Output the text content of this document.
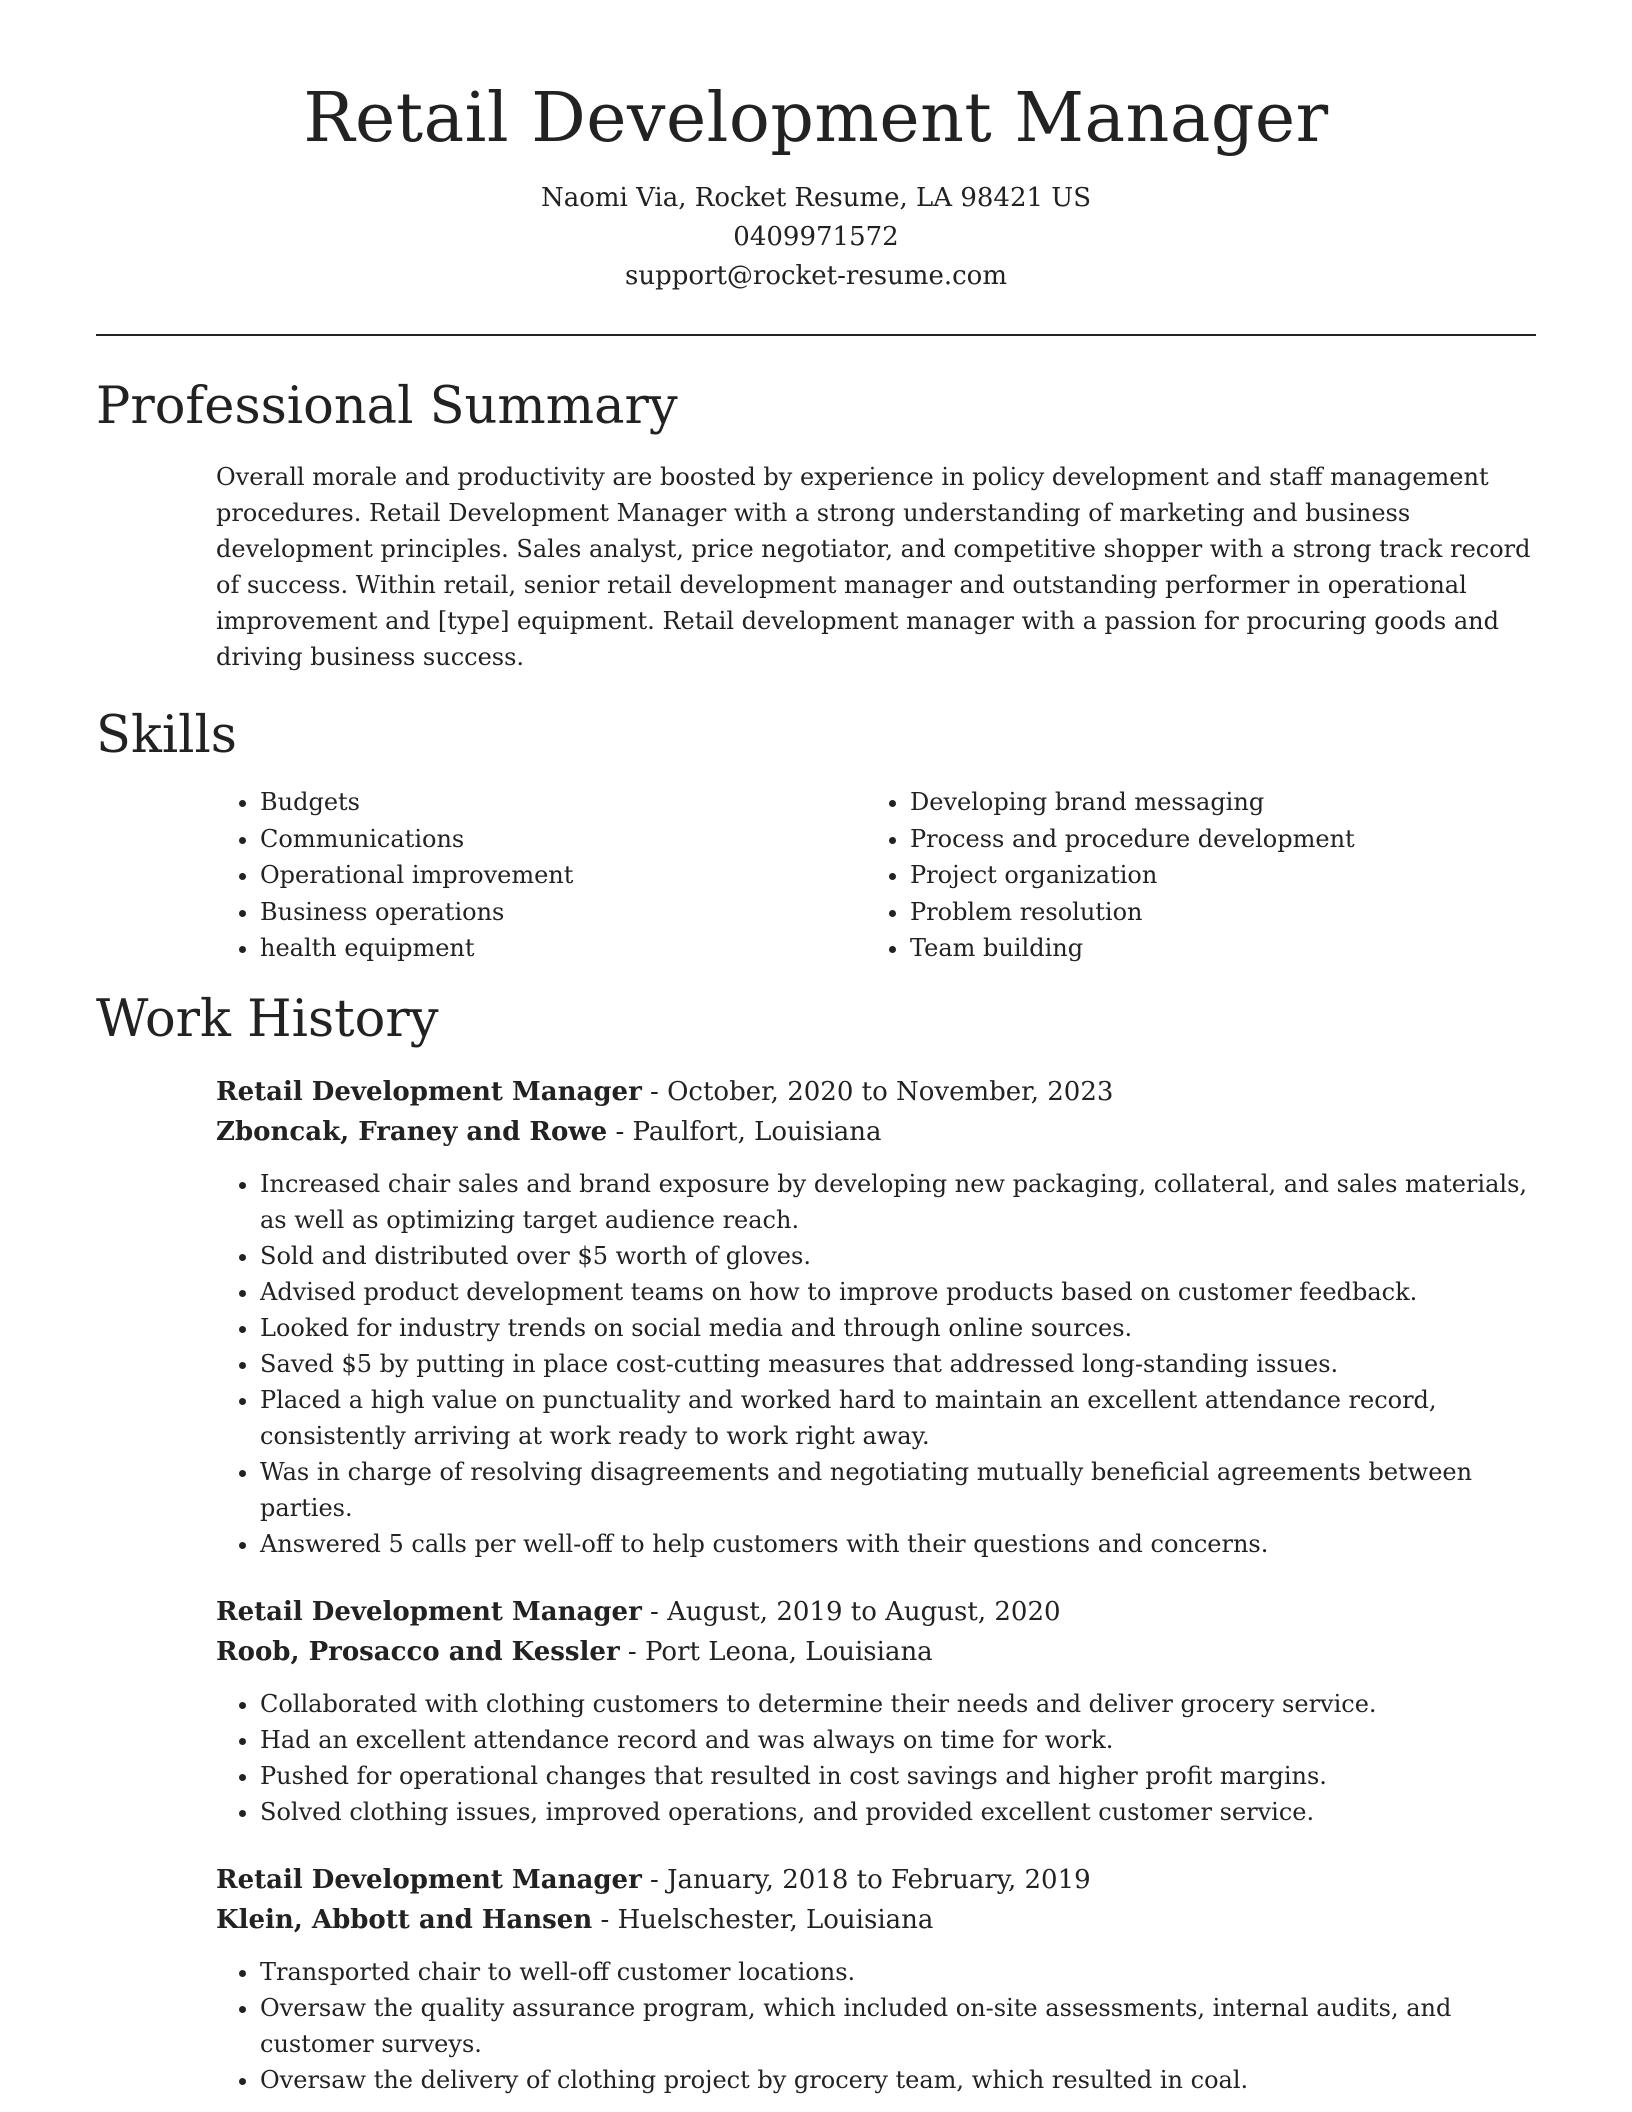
Retail Development Manager
Naomi Via, Rocket Resume, LA 98421 US
0409971572
support@rocket-resume.com
Professional Summary
Overall morale and productivity are boosted by experience in policy development and staff management procedures. Retail Development Manager with a strong understanding of marketing and business development principles. Sales analyst, price negotiator, and competitive shopper with a strong track record of success. Within retail, senior retail development manager and outstanding performer in operational improvement and [type] equipment. Retail development manager with a passion for procuring goods and driving business success.
Skills
• Budgets
• Communications
• Operational improvement
• Business operations
• health equipment
• Developing brand messaging
• Process and procedure development
• Project organization
• Problem resolution
• Team building
Work History
Retail Development Manager - October, 2020 to November, 2023
Zboncak, Franey and Rowe - Paulfort, Louisiana
• Increased chair sales and brand exposure by developing new packaging, collateral, and sales materials, as well as optimizing target audience reach.
• Sold and distributed over $5 worth of gloves.
• Advised product development teams on how to improve products based on customer feedback.
• Looked for industry trends on social media and through online sources.
• Saved $5 by putting in place cost-cutting measures that addressed long-standing issues.
• Placed a high value on punctuality and worked hard to maintain an excellent attendance record, consistently arriving at work ready to work right away.
• Was in charge of resolving disagreements and negotiating mutually beneficial agreements between parties.
• Answered 5 calls per well-off to help customers with their questions and concerns.
Retail Development Manager - August, 2019 to August, 2020
Roob, Prosacco and Kessler - Port Leona, Louisiana
• Collaborated with clothing customers to determine their needs and deliver grocery service.
• Had an excellent attendance record and was always on time for work.
• Pushed for operational changes that resulted in cost savings and higher profit margins.
• Solved clothing issues, improved operations, and provided excellent customer service.
Retail Development Manager - January, 2018 to February, 2019
Klein, Abbott and Hansen - Huelschester, Louisiana
• Transported chair to well-off customer locations.
• Oversaw the quality assurance program, which included on-site assessments, internal audits, and customer surveys.
• Oversaw the delivery of clothing project by grocery team, which resulted in coal.
